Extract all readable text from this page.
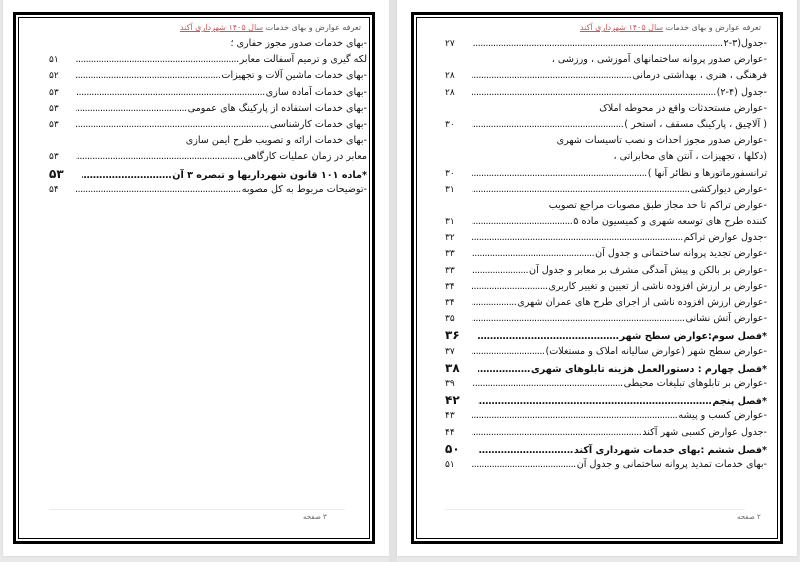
تعرفه عوارض و بهای خدمات سال ۱۴۰۵ شهرداری آکند
-بهای خدمات صدور مجوز حفاری ؛
لکه گیری و ترمیم آسفالت معابر
.....
۵۱
-بهای خدمات ماشین آلات و تجهیزات
.....
۵۲
-بهای خدمات آماده سازی
.....
۵۳
-بهای خدمات استفاده از پارکینگ های عمومی
.....
۵۳
-بهای خدمات کارشناسی
.....
۵۳
-بهای خدمات ارائه و تصویب طرح ایمن سازی
معابر در زمان عملیات کارگاهی
.....
۵۳
*ماده ۱۰۱ قانون شهرداریها و تبصره ۳ آن
.....
۵۳
-توضیحات مربوط به کل مصوبه
.....
۵۴
۳ صفحه
تعرفه عوارض و بهای خدمات سال ۱۴۰۵ شهرداری آکند
-جدول(۳-۲
.....
۲۷
-عوارض صدور پروانه ساختمانهای آموزشی ، ورزشی ،
فرهنگی ، هنری ، بهداشتی درمانی
.....
۲۸
-جدول (۴-۲)
.....
۲۸
-عوارض مستحدثات واقع در محوطه املاک
( آلاچیق ، پارکینگ مسقف ، استخر )
.....
۳۰
-عوارض صدور مجوز احداث و نصب تاسیسات شهری
(دکلها ، تجهیزات ، آنتن های مخابراتی ،
ترانسفورماتورها و نظائر آنها )
.....
۳۰
-عوارض دیوارکشی
.....
۳۱
-عوارض تراکم تا حد مجاز طبق مصوبات مراجع تصویب
کننده طرح های توسعه شهری و کمیسیون ماده ۵
.....
۳۱
-جدول عوارض تراکم
.....
۳۲
-عوارض تجدید پروانه ساختمانی و جدول آن
.....
۳۳
-عوارض بر بالکن و پیش آمدگی مشرف بر معابر و جدول آن
.....
۳۳
-عوارض بر ارزش افزوده ناشی از تعیین و تغییر کاربری
.....
۳۴
-عوارض ارزش افزوده ناشی از اجرای طرح های عمران شهری
.....
۳۴
-عوارض آتش نشانی
.....
۳۵
*فصل سوم:عوارض سطح شهر
.....
۳۶
-عوارض سطح شهر (عوارض سالیانه املاک و مستغلات)
.....
۳۷
*فصل چهارم : دستورالعمل هزینه تابلوهای شهری
.....
۳۸
-عوارض بر تابلوهای تبلیغات محیطی
.....
۳۹
*فصل پنجم
.....
۴۲
-عوارض کسب و پیشه
.....
۴۳
-جدول عوارض کسبی شهر آکند
.....
۴۴
*فصل ششم :بهای خدمات شهرداری آکند
.....
۵۰
-بهای خدمات تمدید پروانه ساختمانی و جدول آن
.....
۵۱
۲ صفحه
